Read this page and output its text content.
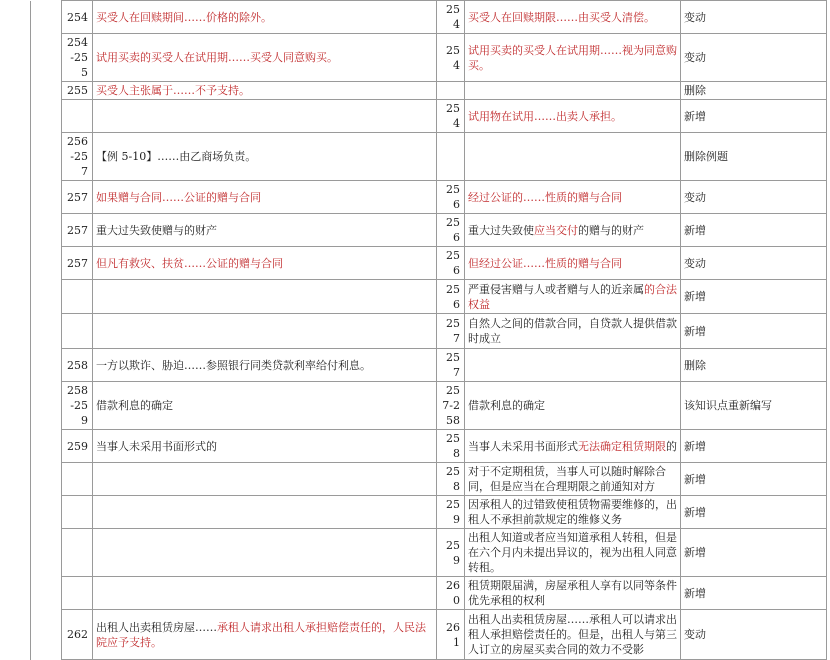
	254	买受人在回赎期间……价格的除外。	254	买受人在回赎期限……由买受人清偿。	变动
	254-255	试用买卖的买受人在试用期……买受人同意购买。	254	试用买卖的买受人在试用期……视为同意购买。	变动
	255	买受人主张属于……不予支持。			删除
			254	试用物在试用……出卖人承担。	新增
	256-257	【例 5-10】……由乙商场负责。			删除例题
	257	如果赠与合同……公证的赠与合同	256	经过公证的……性质的赠与合同	变动
	257	重大过失致使赠与的财产	256	重大过失致使应当交付的赠与的财产	新增
	257	但凡有救灾、扶贫……公证的赠与合同	256	但经过公证……性质的赠与合同	变动
			256	严重侵害赠与人或者赠与人的近亲属的合法权益	新增
			257	自然人之间的借款合同，自贷款人提供借款时成立	新增
	258	一方以欺诈、胁迫……参照银行同类贷款利率给付利息。	257		删除
	258-259	借款利息的确定	257-258	借款利息的确定	该知识点重新编写
	259	当事人未采用书面形式的	258	当事人未采用书面形式无法确定租赁期限的	新增
			258	对于不定期租赁，当事人可以随时解除合同，但是应当在合理期限之前通知对方	新增
			259	因承租人的过错致使租赁物需要维修的，出租人不承担前款规定的维修义务	新增
			259	出租人知道或者应当知道承租人转租，但是在六个月内未提出异议的，视为出租人同意转租。	新增
			260	租赁期限届满，房屋承租人享有以同等条件优先承租的权利	新增
	262	出租人出卖租赁房屋……承租人请求出租人承担赔偿责任的，人民法院应予支持。	261	出租人出卖租赁房屋……承租人可以请求出租人承担赔偿责任的。但是，出租人与第三人订立的房屋买卖合同的效力不受影	变动
